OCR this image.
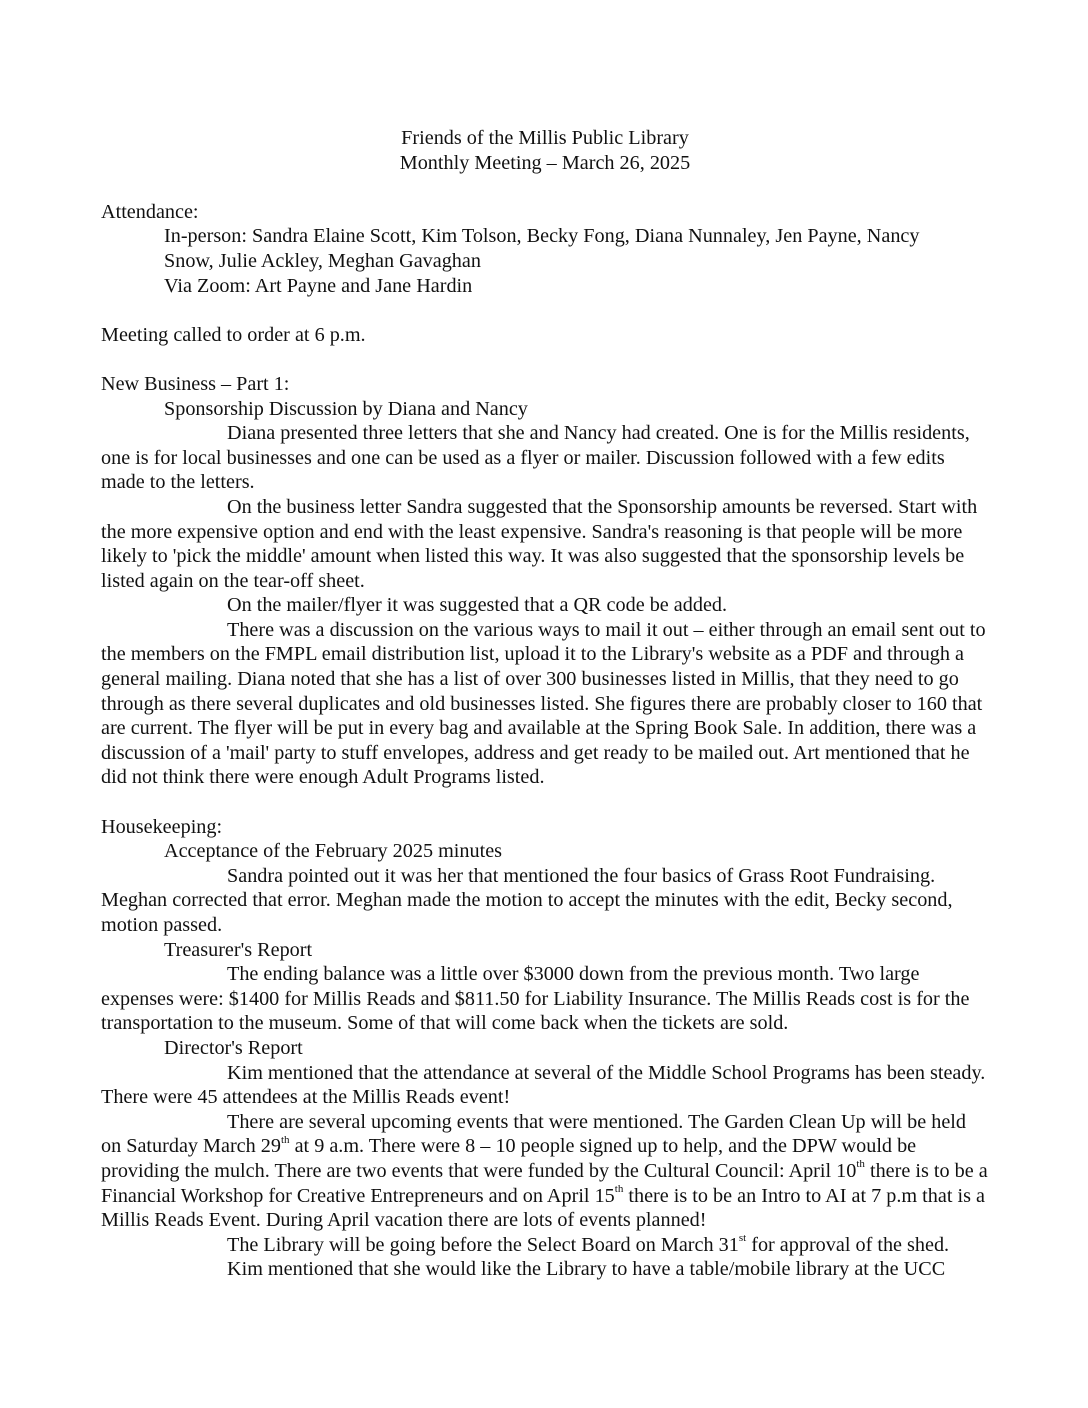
Friends of the Millis Public Library
Monthly Meeting – March 26, 2025

Attendance:

In-person: Sandra Elaine Scott, Kim Tolson, Becky Fong, Diana Nunnaley, Jen Payne, Nancy Snow, Julie Ackley, Meghan Gavaghan

Via Zoom: Art Payne and Jane Hardin

Meeting called to order at 6 p.m.

New Business – Part 1:

Sponsorship Discussion by Diana and Nancy

Diana presented three letters that she and Nancy had created. One is for the Millis residents, one is for local businesses and one can be used as a flyer or mailer. Discussion followed with a few edits made to the letters.

On the business letter Sandra suggested that the Sponsorship amounts be reversed. Start with the more expensive option and end with the least expensive. Sandra's reasoning is that people will be more likely to 'pick the middle' amount when listed this way. It was also suggested that the sponsorship levels be listed again on the tear-off sheet.

On the mailer/flyer it was suggested that a QR code be added.

There was a discussion on the various ways to mail it out – either through an email sent out to the members on the FMPL email distribution list, upload it to the Library's website as a PDF and through a general mailing. Diana noted that she has a list of over 300 businesses listed in Millis, that they need to go through as there several duplicates and old businesses listed. She figures there are probably closer to 160 that are current. The flyer will be put in every bag and available at the Spring Book Sale. In addition, there was a discussion of a 'mail' party to stuff envelopes, address and get ready to be mailed out. Art mentioned that he did not think there were enough Adult Programs listed.

Housekeeping:

Acceptance of the February 2025 minutes

Sandra pointed out it was her that mentioned the four basics of Grass Root Fundraising. Meghan corrected that error. Meghan made the motion to accept the minutes with the edit, Becky second, motion passed.

Treasurer's Report

The ending balance was a little over $3000 down from the previous month. Two large expenses were: $1400 for Millis Reads and $811.50 for Liability Insurance. The Millis Reads cost is for the transportation to the museum. Some of that will come back when the tickets are sold.

Director's Report

Kim mentioned that the attendance at several of the Middle School Programs has been steady. There were 45 attendees at the Millis Reads event!

There are several upcoming events that were mentioned. The Garden Clean Up will be held on Saturday March 29th at 9 a.m. There were 8 – 10 people signed up to help, and the DPW would be providing the mulch. There are two events that were funded by the Cultural Council: April 10th there is to be a Financial Workshop for Creative Entrepreneurs and on April 15th there is to be an Intro to AI at 7 p.m that is a Millis Reads Event. During April vacation there are lots of events planned!

The Library will be going before the Select Board on March 31st for approval of the shed.

Kim mentioned that she would like the Library to have a table/mobile library at the UCC
